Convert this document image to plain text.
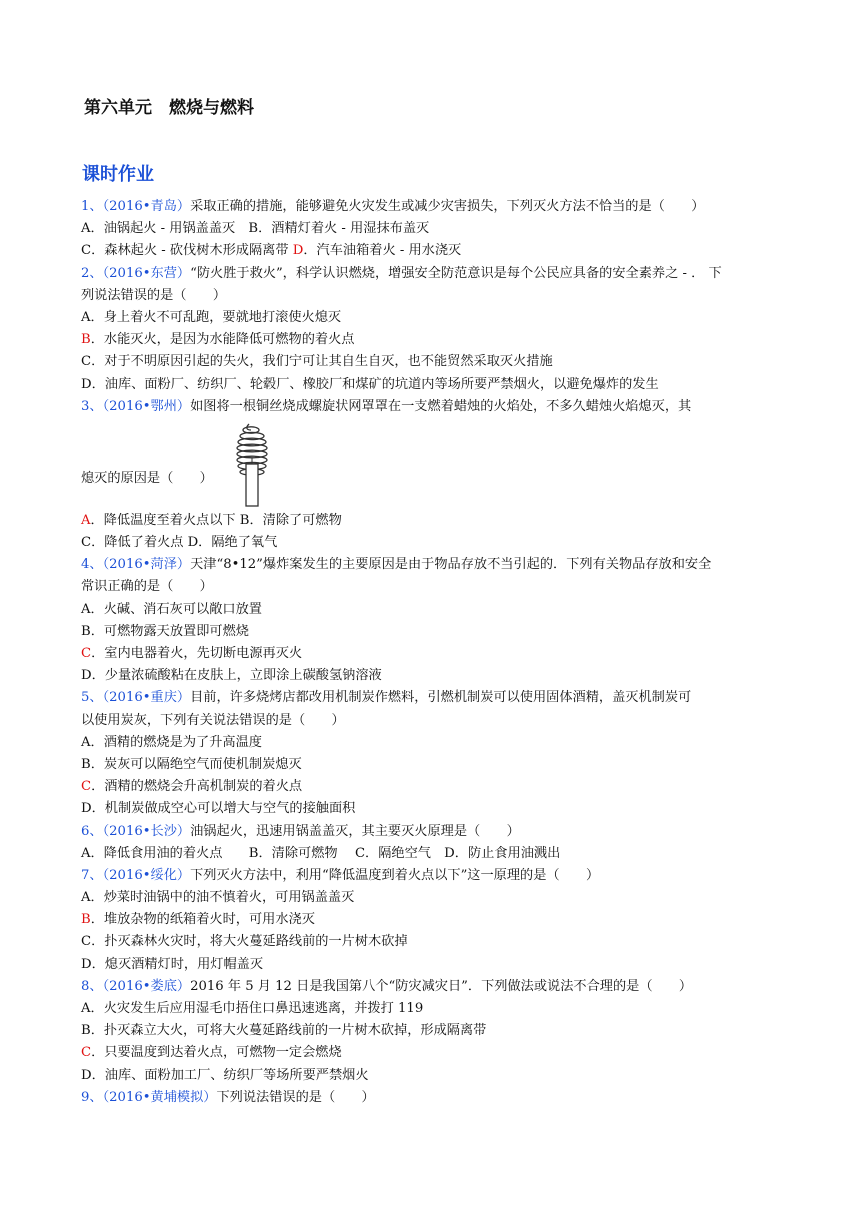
第六单元　燃烧与燃料
课时作业
1、（2016•青岛）采取正确的措施，能够避免火灾发生或减少灾害损失，下列灭火方法不恰当的是（　　）
A．油锅起火 - 用锅盖盖灭　B．酒精灯着火 - 用湿抹布盖灭
C．森林起火 - 砍伐树木形成隔离带 D．汽车油箱着火 - 用水浇灭
2、（2016•东营）“防火胜于救火”，科学认识燃烧，增强安全防范意识是每个公民应具备的安全素养之 - ． 下
列说法错误的是（　　）
A．身上着火不可乱跑，要就地打滚使火熄灭
B．水能灭火，是因为水能降低可燃物的着火点
C．对于不明原因引起的失火，我们宁可让其自生自灭，也不能贸然采取灭火措施
D．油库、面粉厂、纺织厂、轮毂厂、橡胶厂和煤矿的坑道内等场所要严禁烟火，以避免爆炸的发生
3、（2016•鄂州）如图将一根铜丝烧成螺旋状网罩罩在一支燃着蜡烛的火焰处，不多久蜡烛火焰熄灭，其
熄灭的原因是（　　）
A．降低温度至着火点以下 B．清除了可燃物
C．降低了着火点 D．隔绝了氧气
4、（2016•菏泽）天津“8•12”爆炸案发生的主要原因是由于物品存放不当引起的．下列有关物品存放和安全
常识正确的是（　　）
A．火碱、消石灰可以敞口放置
B．可燃物露天放置即可燃烧
C．室内电器着火，先切断电源再灭火
D．少量浓硫酸粘在皮肤上，立即涂上碳酸氢钠溶液
5、（2016•重庆）目前，许多烧烤店都改用机制炭作燃料，引燃机制炭可以使用固体酒精，盖灭机制炭可
以使用炭灰，下列有关说法错误的是（　　）
A．酒精的燃烧是为了升高温度
B．炭灰可以隔绝空气而使机制炭熄灭
C．酒精的燃烧会升高机制炭的着火点
D．机制炭做成空心可以增大与空气的接触面积
6、（2016•长沙）油锅起火，迅速用锅盖盖灭，其主要灭火原理是（　　）
A．降低食用油的着火点　　B．清除可燃物　 C．隔绝空气　D．防止食用油溅出
7、（2016•绥化）下列灭火方法中，利用“降低温度到着火点以下”这一原理的是（　　）
A．炒菜时油锅中的油不慎着火，可用锅盖盖灭
B．堆放杂物的纸箱着火时，可用水浇灭
C．扑灭森林火灾时，将大火蔓延路线前的一片树木砍掉
D．熄灭酒精灯时，用灯帽盖灭
8、（2016•娄底）2016 年 5 月 12 日是我国第八个“防灾减灾日”．下列做法或说法不合理的是（　　）
A．火灾发生后应用湿毛巾捂住口鼻迅速逃离，并拨打 119
B．扑灭森立大火，可将大火蔓延路线前的一片树木砍掉，形成隔离带
C．只要温度到达着火点，可燃物一定会燃烧
D．油库、面粉加工厂、纺织厂等场所要严禁烟火
9、（2016•黄埔模拟）下列说法错误的是（　　）
